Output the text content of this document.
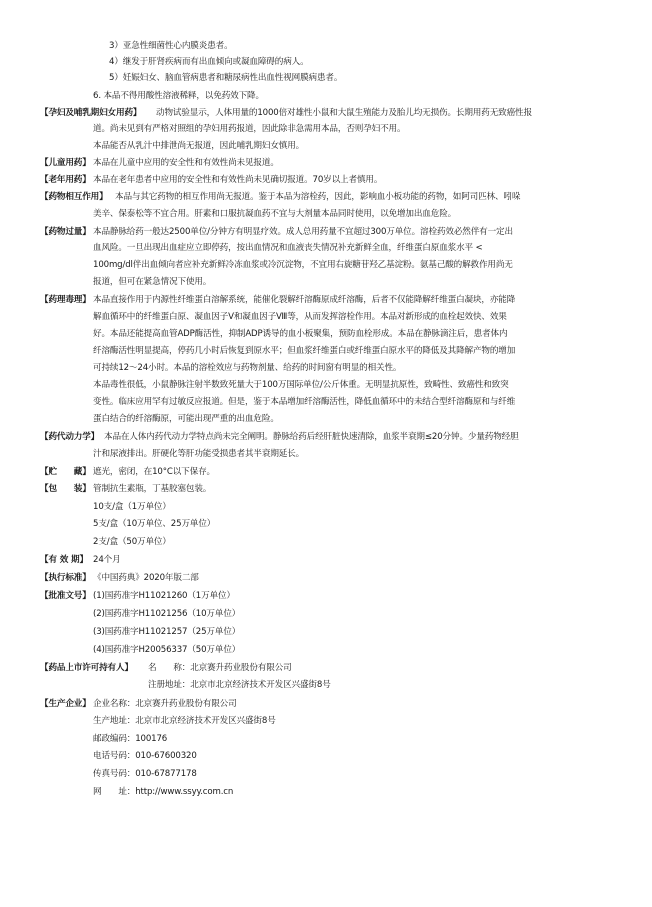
3）亚急性细菌性心内膜炎患者。
4）继发于肝肾疾病而有出血倾向或凝血障碍的病人。
5）妊娠妇女、脑血管病患者和糖尿病性出血性视网膜病患者。
6. 本品不得用酸性溶液稀释，以免药效下降。
【孕妇及哺乳期妇女用药】 动物试验显示，人体用量的1000倍对雄性小鼠和大鼠生殖能力及胎儿均无损伤。长期用药无致癌性报
道。尚未见到有严格对照组的孕妇用药报道，因此除非急需用本品，否则孕妇不用。
本品能否从乳汁中排泄尚无报道，因此哺乳期妇女慎用。
【儿童用药】 本品在儿童中应用的安全性和有效性尚未见报道。
【老年用药】 本品在老年患者中应用的安全性和有效性尚未见确切报道。70岁以上者慎用。
【药物相互作用】 本品与其它药物的相互作用尚无报道。鉴于本品为溶栓药，因此，影响血小板功能的药物，如阿司匹林、吲哚
美辛、保泰松等不宜合用。肝素和口服抗凝血药不宜与大剂量本品同时使用，以免增加出血危险。
【药物过量】 本品静脉给药一般达2500单位/分钟方有明显疗效。成人总用药量不宜超过300万单位。溶栓药效必然伴有一定出
血风险。一旦出现出血症应立即停药，按出血情况和血液丧失情况补充新鲜全血，纤维蛋白原血浆水平 <
100mg/dl伴出血倾向者应补充新鲜冷冻血浆或冷沉淀物，不宜用右旋糖苷羟乙基淀粉。氨基己酸的解救作用尚无
报道，但可在紧急情况下使用。
【药理毒理】 本品直接作用于内源性纤维蛋白溶解系统，能催化裂解纤溶酶原成纤溶酶，后者不仅能降解纤维蛋白凝块，亦能降
解血循环中的纤维蛋白原、凝血因子Ⅴ和凝血因子Ⅷ等，从而发挥溶栓作用。本品对新形成的血栓起效快、效果
好。本品还能提高血管ADP酶活性，抑制ADP诱导的血小板聚集，预防血栓形成。本品在静脉滴注后，患者体内
纤溶酶活性明显提高，停药几小时后恢复到原水平；但血浆纤维蛋白或纤维蛋白原水平的降低及其降解产物的增加
可持续12～24小时。本品的溶栓效应与药物剂量、给药的时间窗有明显的相关性。
本品毒性很低，小鼠静脉注射半数致死量大于100万国际单位/公斤体重。无明显抗原性，致畸性、致癌性和致突
变性。临床应用罕有过敏反应报道。但是，鉴于本品增加纤溶酶活性，降低血循环中的未结合型纤溶酶原和与纤维
蛋白结合的纤溶酶原，可能出现严重的出血危险。
【药代动力学】 本品在人体内药代动力学特点尚未完全阐明。静脉给药后经肝脏快速清除，血浆半衰期≤20分钟。少量药物经胆
汁和尿液排出。肝硬化等肝功能受损患者其半衰期延长。
【贮　　藏】 遮光，密闭，在10°C以下保存。
【包　　装】 管制抗生素瓶，丁基胶塞包装。
10支/盒（1万单位）
5支/盒（10万单位、25万单位）
2支/盒（50万单位）
【有 效 期】 24个月
【执行标准】 《中国药典》2020年版二部
【批准文号】 (1)国药准字H11021260（1万单位）
(2)国药准字H11021256（10万单位）
(3)国药准字H11021257（25万单位）
(4)国药准字H20056337（50万单位）
【药品上市许可持有人】 名　　称：北京赛升药业股份有限公司
注册地址：北京市北京经济技术开发区兴盛街8号
【生产企业】 企业名称：北京赛升药业股份有限公司
生产地址：北京市北京经济技术开发区兴盛街8号
邮政编码：100176
电话号码：010-67600320
传真号码：010-67877178
网　　址：http://www.ssyy.com.cn
